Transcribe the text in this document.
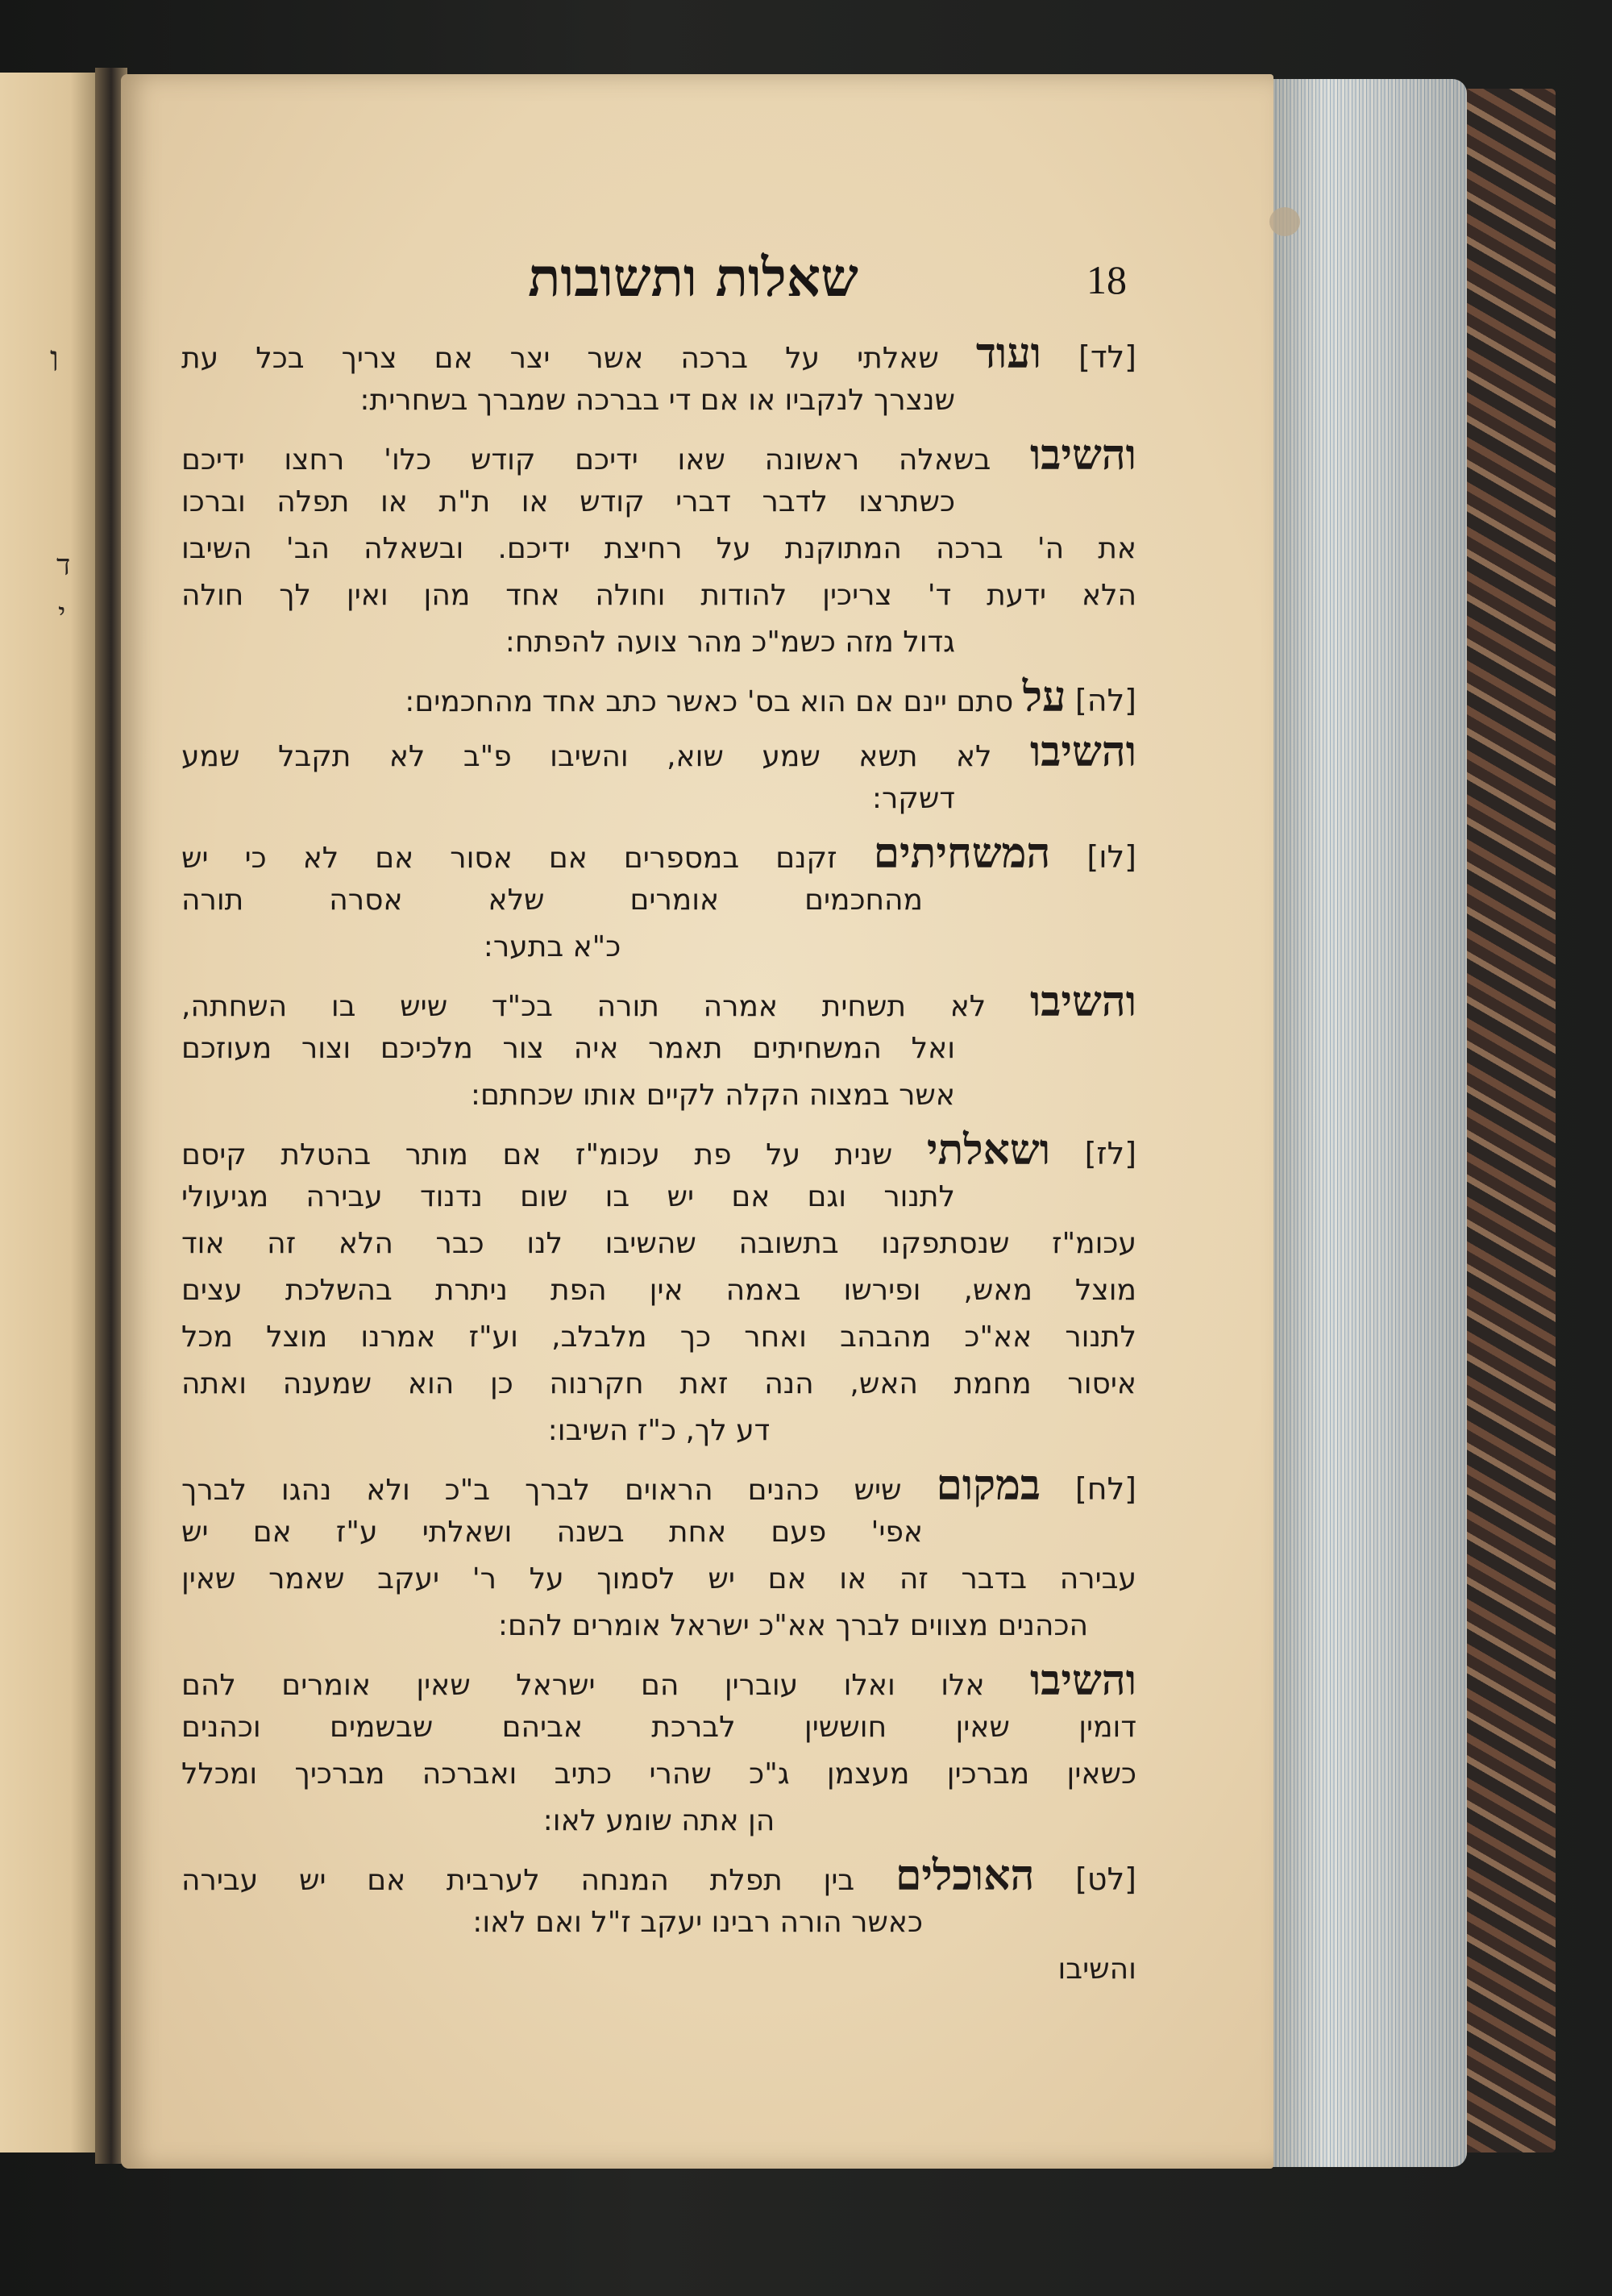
ו
ד
י
18
שאלות ותשובות
[לד] ועוד שאלתי על ברכה אשר יצר אם צריך בכל עת
שנצרך לנקביו או אם די בברכה שמברך בשחרית:
והשיבו בשאלה ראשונה שאו ידיכם קודש כלו' רחצו ידיכם
כשתרצו לדבר דברי קודש או ת"ת או תפלה וברכו
את ה' ברכה המתוקנת על רחיצת ידיכם. ובשאלה הב' השיבו
הלא ידעת ד' צריכין להודות וחולה אחד מהן ואין לך חולה
גדול מזה כשמ"כ מהר צועה להפתח:
[לה] על סתם יינם אם הוא בס' כאשר כתב אחד מהחכמים:
והשיבו לא תשא שמע שוא, והשיבו פ"ב לא תקבל שמע
דשקר:
[לו] המשחיתים זקנם במספרים אם אסור אם לא כי יש
מהחכמים אומרים שלא אסרה תורה
כ"א בתער:
והשיבו לא תשחית אמרה תורה בכ"ד שיש בו השחתה,
ואל המשחיתים תאמר איה צור מלכיכם וצור מעוזכם
אשר במצוה הקלה לקיים אותו שכחתם:
[לז] ושאלתי שנית על פת עכומ"ז אם מותר בהטלת קיסם
לתנור וגם אם יש בו שום נדנוד עבירה מגיעולי
עכומ"ז שנסתפקנו בתשובה שהשיבו לנו כבר הלא זה אוד
מוצל מאש, ופירשו באמה אין הפת ניתרת בהשלכת עצים
לתנור אא"כ מהבהב ואחר כך מלבלב, וע"ז אמרנו מוצל מכל
איסור מחמת האש, הנה זאת חקרנוה כן הוא שמענה ואתה
דע לך, כ"ז השיבו:
[לח] במקום שיש כהנים הראוים לברך ב"כ ולא נהגו לברך
אפי' פעם אחת בשנה ושאלתי ע"ז אם יש
עבירה בדבר זה או אם יש לסמוך על ר' יעקב שאמר שאין
הכהנים מצווים לברך אא"כ ישראל אומרים להם:
והשיבו אלו ואלו עוברין הם ישראל שאין אומרים להם
דומין שאין חוששין לברכת אביהם שבשמים וכהנים
כשאין מברכין מעצמן ג"כ שהרי כתיב ואברכה מברכיך ומכלל
הן אתה שומע לאו:
[לט] האוכלים בין תפלת המנחה לערבית אם יש עבירה
כאשר הורה רבינו יעקב ז"ל ואם לאו:
והשיבו
